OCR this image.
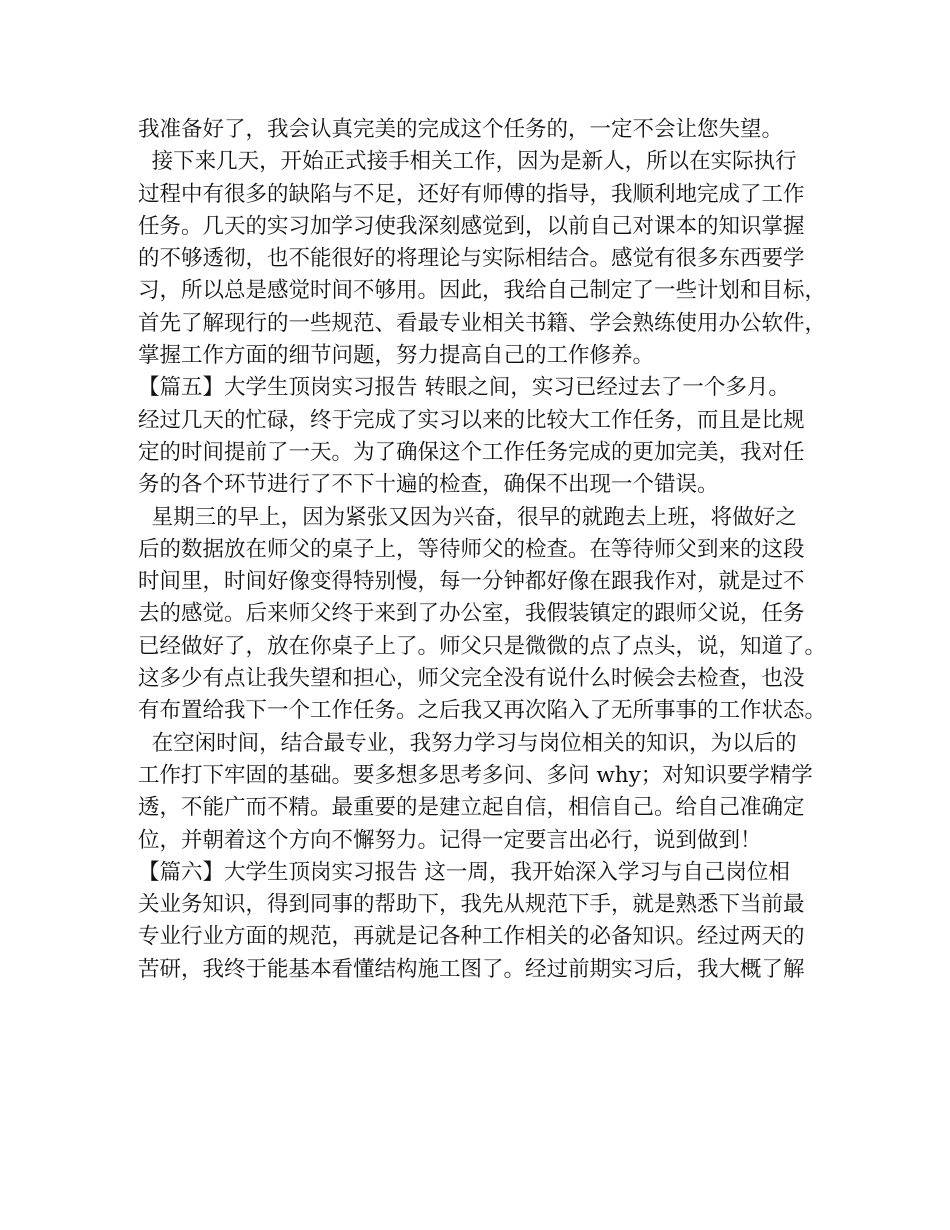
我准备好了，我会认真完美的完成这个任务的，一定不会让您失望。
接下来几天，开始正式接手相关工作，因为是新人，所以在实际执行
过程中有很多的缺陷与不足，还好有师傅的指导，我顺利地完成了工作
任务。几天的实习加学习使我深刻感觉到，以前自己对课本的知识掌握
的不够透彻，也不能很好的将理论与实际相结合。感觉有很多东西要学
习，所以总是感觉时间不够用。因此，我给自己制定了一些计划和目标，
首先了解现行的一些规范、看最专业相关书籍、学会熟练使用办公软件，
掌握工作方面的细节问题，努力提高自己的工作修养。
【篇五】大学生顶岗实习报告 转眼之间，实习已经过去了一个多月。
经过几天的忙碌，终于完成了实习以来的比较大工作任务，而且是比规
定的时间提前了一天。为了确保这个工作任务完成的更加完美，我对任
务的各个环节进行了不下十遍的检查，确保不出现一个错误。
星期三的早上，因为紧张又因为兴奋，很早的就跑去上班，将做好之
后的数据放在师父的桌子上，等待师父的检查。在等待师父到来的这段
时间里，时间好像变得特别慢，每一分钟都好像在跟我作对，就是过不
去的感觉。后来师父终于来到了办公室，我假装镇定的跟师父说，任务
已经做好了，放在你桌子上了。师父只是微微的点了点头，说，知道了。
这多少有点让我失望和担心，师父完全没有说什么时候会去检查，也没
有布置给我下一个工作任务。之后我又再次陷入了无所事事的工作状态。
在空闲时间，结合最专业，我努力学习与岗位相关的知识，为以后的
工作打下牢固的基础。要多想多思考多问、多问 why；对知识要学精学
透，不能广而不精。最重要的是建立起自信，相信自己。给自己准确定
位，并朝着这个方向不懈努力。记得一定要言出必行，说到做到！
【篇六】大学生顶岗实习报告 这一周，我开始深入学习与自己岗位相
关业务知识，得到同事的帮助下，我先从规范下手，就是熟悉下当前最
专业行业方面的规范，再就是记各种工作相关的必备知识。经过两天的
苦研，我终于能基本看懂结构施工图了。经过前期实习后，我大概了解
